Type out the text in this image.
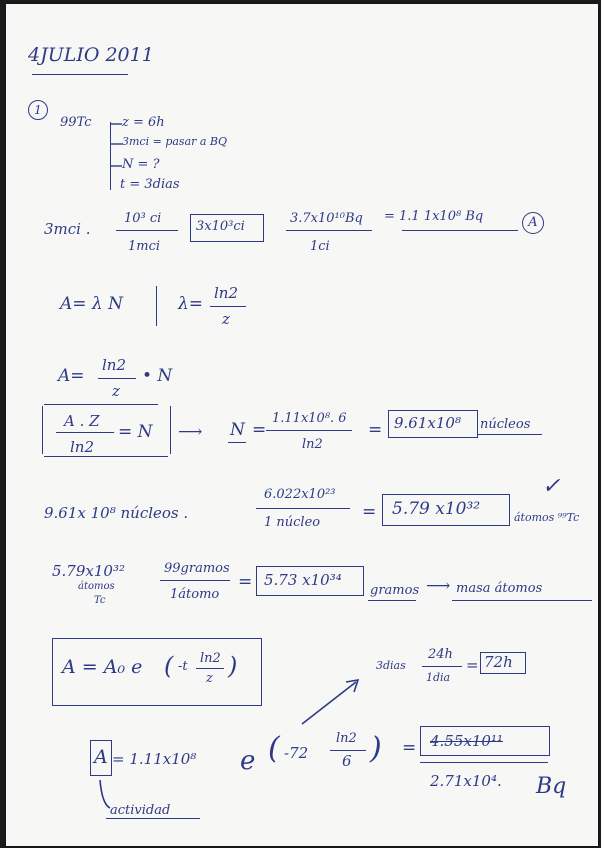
4JULIO 2011
1
99Tc z = 6h
3mci = pasar a BQ
N = ?
t = 3dias
3mci .
10³ ci
1mci
3x10³ci
3.7x10¹⁰Bq
1ci
= 1.1 1x10⁸ Bq	A
A= λ N	λ=
ln2
z
A=
ln2
z
• N
A . Z
ln2
= N ⟶ N =
1.11x10⁸. 6
ln2
= 9.61x10⁸ núcleos
9.61x 10⁸ núcleos .
6.022x10²³
1 núcleo
= 5.79 x10³²	átomos ⁹⁹Tc
✓
5.79x10³²
átomos
Tc
99gramos
1átomo
= 5.73 x10³⁴
gramos ⟶ masa átomos
A = A₀ e ( -t
ln2
z )	3dias
24h
1dia
= 72h
A = 1.11x10⁸ e ( -72
ln2
6 ) = 4.55x10¹¹
2.71x10⁴. Bq
actividad
